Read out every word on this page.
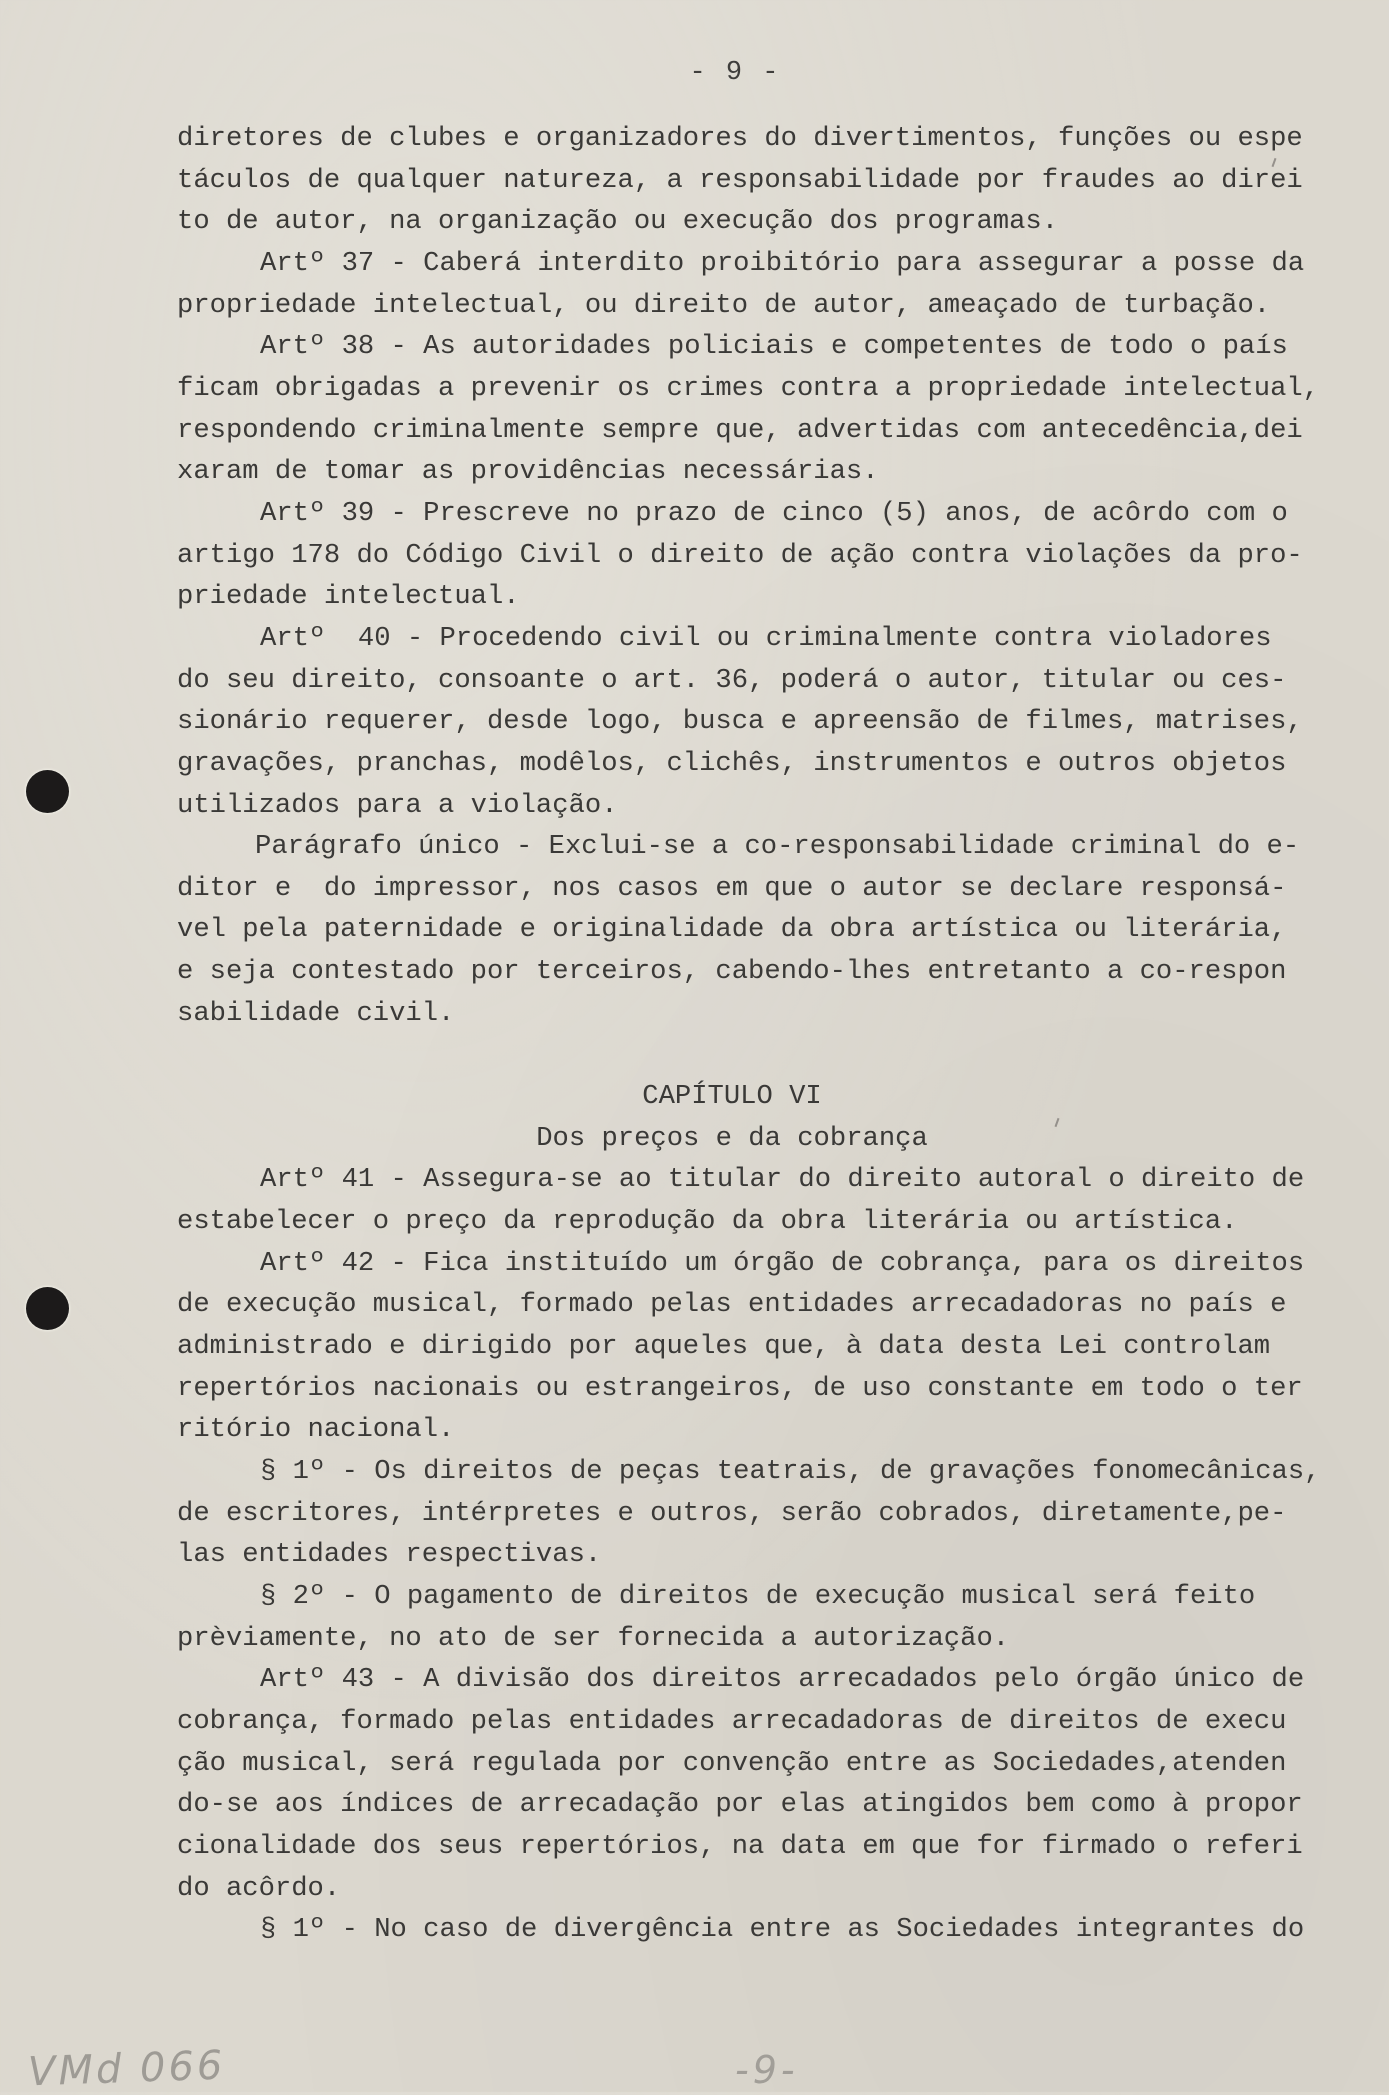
- 9 -
diretores de clubes e organizadores do divertimentos, funções ou espe
táculos de qualquer natureza, a responsabilidade por fraudes ao direi
to de autor, na organização ou execução dos programas.
Artº 37 - Caberá interdito proibitório para assegurar a posse da
propriedade intelectual, ou direito de autor, ameaçado de turbação.
Artº 38 - As autoridades policiais e competentes de todo o país
ficam obrigadas a prevenir os crimes contra a propriedade intelectual,
respondendo criminalmente sempre que, advertidas com antecedência,dei
xaram de tomar as providências necessárias.
Artº 39 - Prescreve no prazo de cinco (5) anos, de acôrdo com o
artigo 178 do Código Civil o direito de ação contra violações da pro-
priedade intelectual.
Artº  40 - Procedendo civil ou criminalmente contra violadores
do seu direito, consoante o art. 36, poderá o autor, titular ou ces-
sionário requerer, desde logo, busca e apreensão de filmes, matrises,
gravações, pranchas, modêlos, clichês, instrumentos e outros objetos
utilizados para a violação.
Parágrafo único - Exclui-se a co-responsabilidade criminal do e-
ditor e  do impressor, nos casos em que o autor se declare responsá-
vel pela paternidade e originalidade da obra artística ou literária,
e seja contestado por terceiros, cabendo-lhes entretanto a co-respon
sabilidade civil.
CAPÍTULO VI
Dos preços e da cobrança
Artº 41 - Assegura-se ao titular do direito autoral o direito de
estabelecer o preço da reprodução da obra literária ou artística.
Artº 42 - Fica instituído um órgão de cobrança, para os direitos
de execução musical, formado pelas entidades arrecadadoras no país e
administrado e dirigido por aqueles que, à data desta Lei controlam
repertórios nacionais ou estrangeiros, de uso constante em todo o ter
ritório nacional.
§ 1º - Os direitos de peças teatrais, de gravações fonomecânicas,
de escritores, intérpretes e outros, serão cobrados, diretamente,pe-
las entidades respectivas.
§ 2º - O pagamento de direitos de execução musical será feito
prèviamente, no ato de ser fornecida a autorização.
Artº 43 - A divisão dos direitos arrecadados pelo órgão único de
cobrança, formado pelas entidades arrecadadoras de direitos de execu
ção musical, será regulada por convenção entre as Sociedades,atenden
do-se aos índices de arrecadação por elas atingidos bem como à propor
cionalidade dos seus repertórios, na data em que for firmado o referi
do acôrdo.
§ 1º - No caso de divergência entre as Sociedades integrantes do
VMd 066	-9-
